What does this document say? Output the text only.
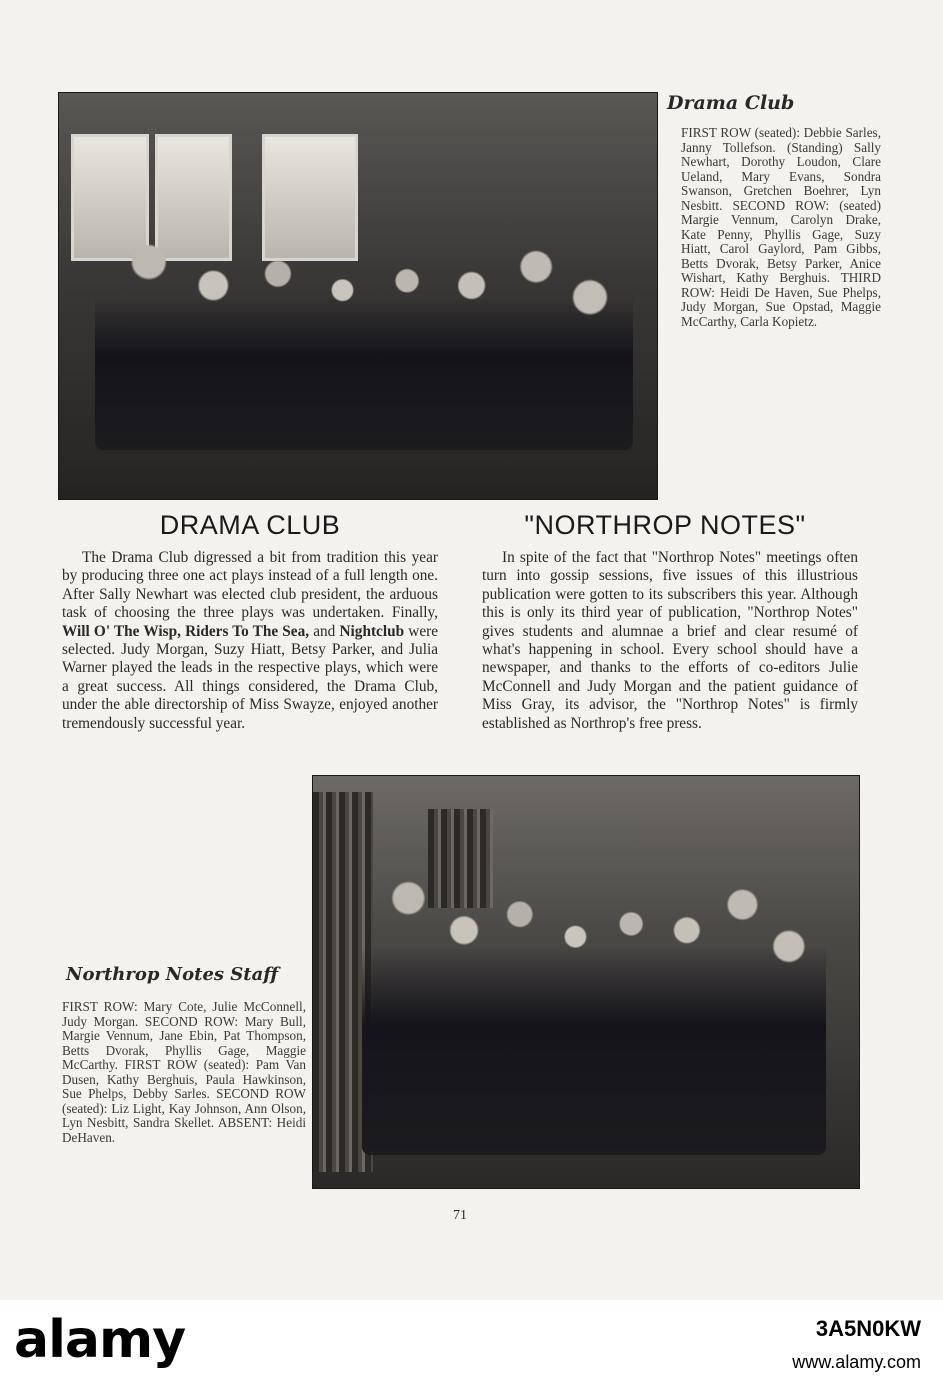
Drama Club

FIRST ROW (seated): Debbie Sarles, Janny Tollefson. (Standing) Sally Newhart, Dorothy Loudon, Clare Ueland, Mary Evans, Sondra Swanson, Gretchen Boehrer, Lyn Nesbitt. SECOND ROW: (seated) Margie Vennum, Carolyn Drake, Kate Penny, Phyllis Gage, Suzy Hiatt, Carol Gaylord, Pam Gibbs, Betts Dvorak, Betsy Parker, Anice Wishart, Kathy Berghuis. THIRD ROW: Heidi De Haven, Sue Phelps, Judy Morgan, Sue Opstad, Maggie McCarthy, Carla Kopietz.

DRAMA CLUB

The Drama Club digressed a bit from tradition this year by producing three one act plays instead of a full length one. After Sally Newhart was elected club president, the arduous task of choosing the three plays was undertaken. Finally, Will O' The Wisp, Riders To The Sea, and Nightclub were selected. Judy Morgan, Suzy Hiatt, Betsy Parker, and Julia Warner played the leads in the respective plays, which were a great success. All things considered, the Drama Club, under the able directorship of Miss Swayze, enjoyed another tremendously successful year.

"NORTHROP NOTES"

In spite of the fact that "Northrop Notes" meetings often turn into gossip sessions, five issues of this illustrious publication were gotten to its subscribers this year. Although this is only its third year of publication, "Northrop Notes" gives students and alumnae a brief and clear resumé of what's happening in school. Every school should have a newspaper, and thanks to the efforts of co-editors Julie McConnell and Judy Morgan and the patient guidance of Miss Gray, its advisor, the "Northrop Notes" is firmly established as Northrop's free press.

Northrop Notes Staff

FIRST ROW: Mary Cote, Julie McConnell, Judy Morgan. SECOND ROW: Mary Bull, Margie Vennum, Jane Ebin, Pat Thompson, Betts Dvorak, Phyllis Gage, Maggie McCarthy. FIRST ROW (seated): Pam Van Dusen, Kathy Berghuis, Paula Hawkinson, Sue Phelps, Debby Sarles. SECOND ROW (seated): Liz Light, Kay Johnson, Ann Olson, Lyn Nesbitt, Sandra Skellet. ABSENT: Heidi DeHaven.

71
alamy	3A5N0KW
www.alamy.com
